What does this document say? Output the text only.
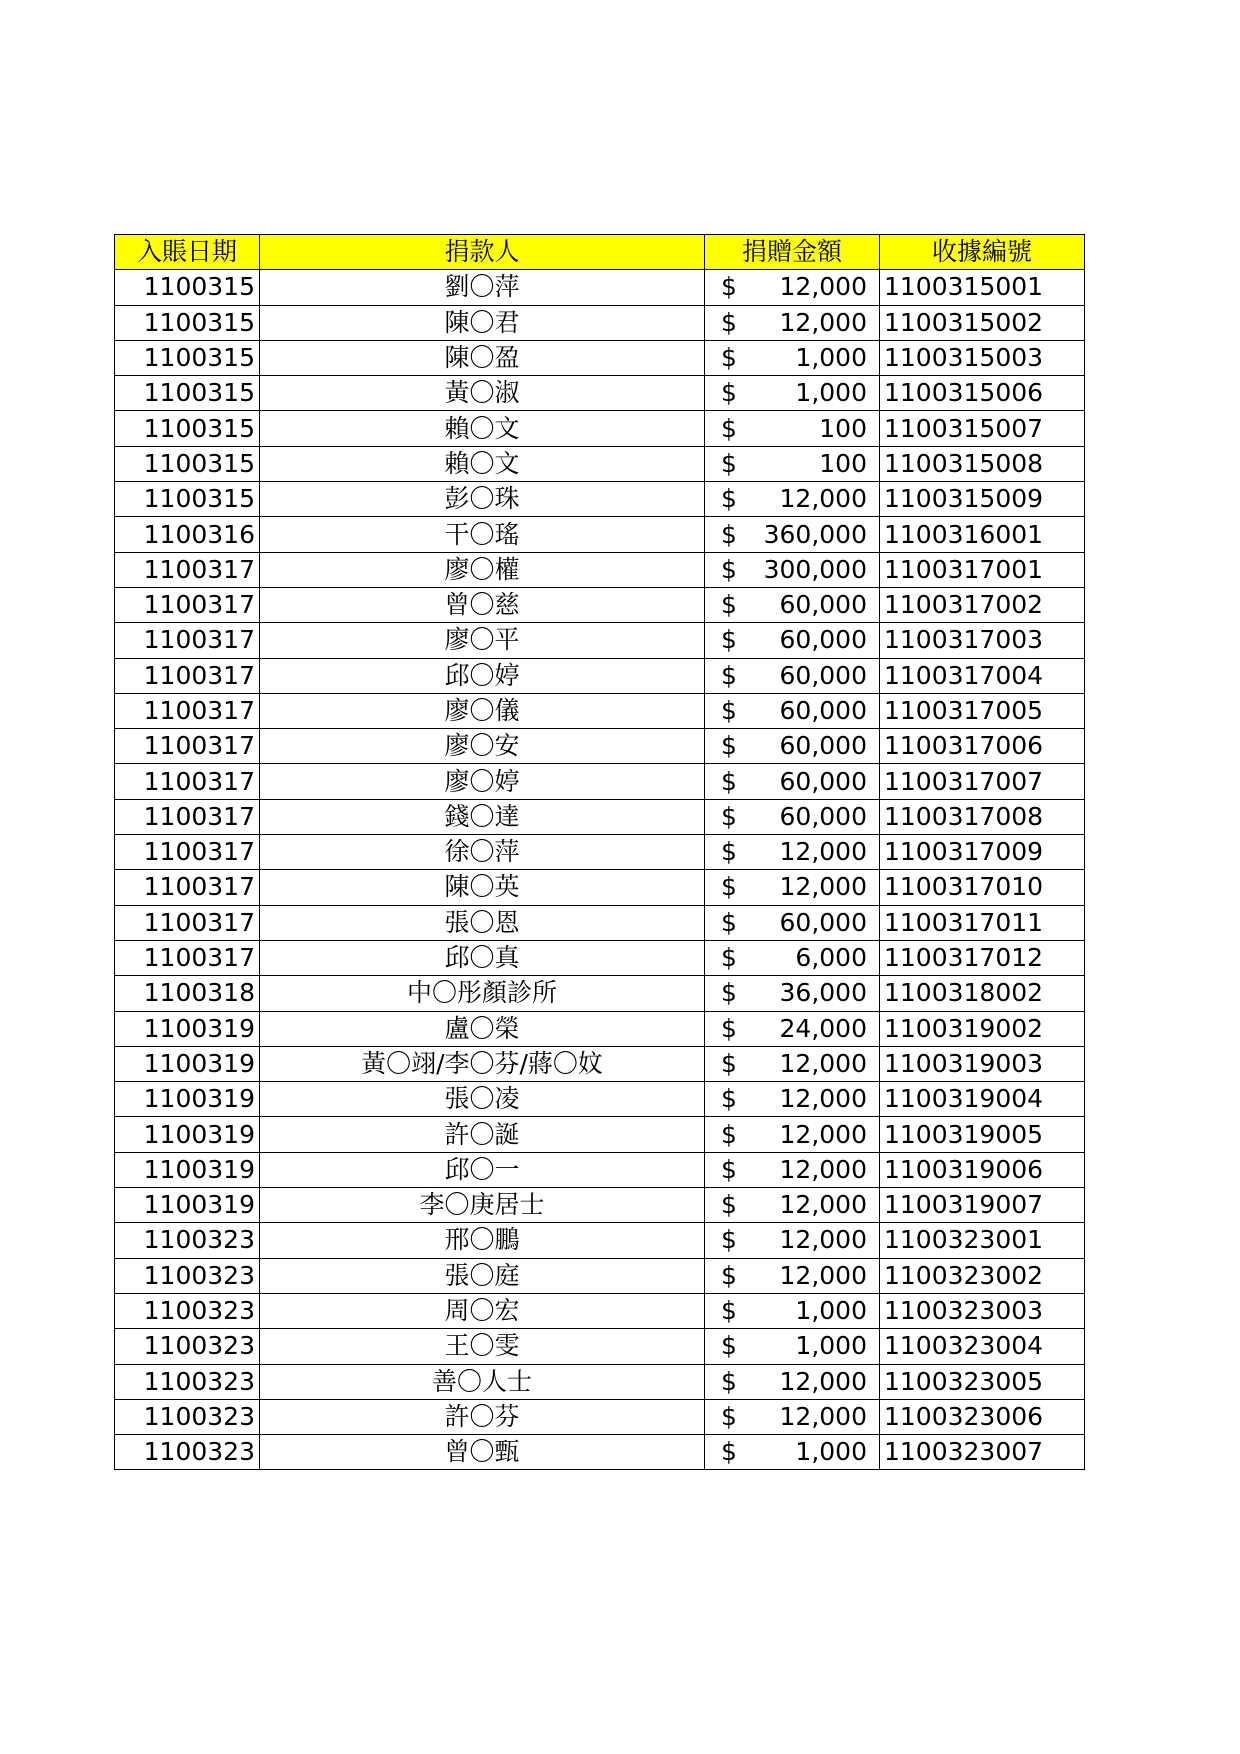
入賬日期	捐款人	捐贈金額	收據編號
1100315	劉〇萍	$ 12,000	1100315001
1100315	陳〇君	$ 12,000	1100315002
1100315	陳〇盈	$ 1,000	1100315003
1100315	黃〇淑	$ 1,000	1100315006
1100315	賴〇文	$ 100	1100315007
1100315	賴〇文	$ 100	1100315008
1100315	彭〇珠	$ 12,000	1100315009
1100316	干〇瑤	$ 360,000	1100316001
1100317	廖〇權	$ 300,000	1100317001
1100317	曾〇慈	$ 60,000	1100317002
1100317	廖〇平	$ 60,000	1100317003
1100317	邱〇婷	$ 60,000	1100317004
1100317	廖〇儀	$ 60,000	1100317005
1100317	廖〇安	$ 60,000	1100317006
1100317	廖〇婷	$ 60,000	1100317007
1100317	錢〇達	$ 60,000	1100317008
1100317	徐〇萍	$ 12,000	1100317009
1100317	陳〇英	$ 12,000	1100317010
1100317	張〇恩	$ 60,000	1100317011
1100317	邱〇真	$ 6,000	1100317012
1100318	中〇彤顏診所	$ 36,000	1100318002
1100319	盧〇榮	$ 24,000	1100319002
1100319	黃〇翊/李〇芬/蔣〇妏	$ 12,000	1100319003
1100319	張〇凌	$ 12,000	1100319004
1100319	許〇誕	$ 12,000	1100319005
1100319	邱〇一	$ 12,000	1100319006
1100319	李〇庚居士	$ 12,000	1100319007
1100323	邢〇鵬	$ 12,000	1100323001
1100323	張〇庭	$ 12,000	1100323002
1100323	周〇宏	$ 1,000	1100323003
1100323	王〇雯	$ 1,000	1100323004
1100323	善〇人士	$ 12,000	1100323005
1100323	許〇芬	$ 12,000	1100323006
1100323	曾〇甄	$ 1,000	1100323007
